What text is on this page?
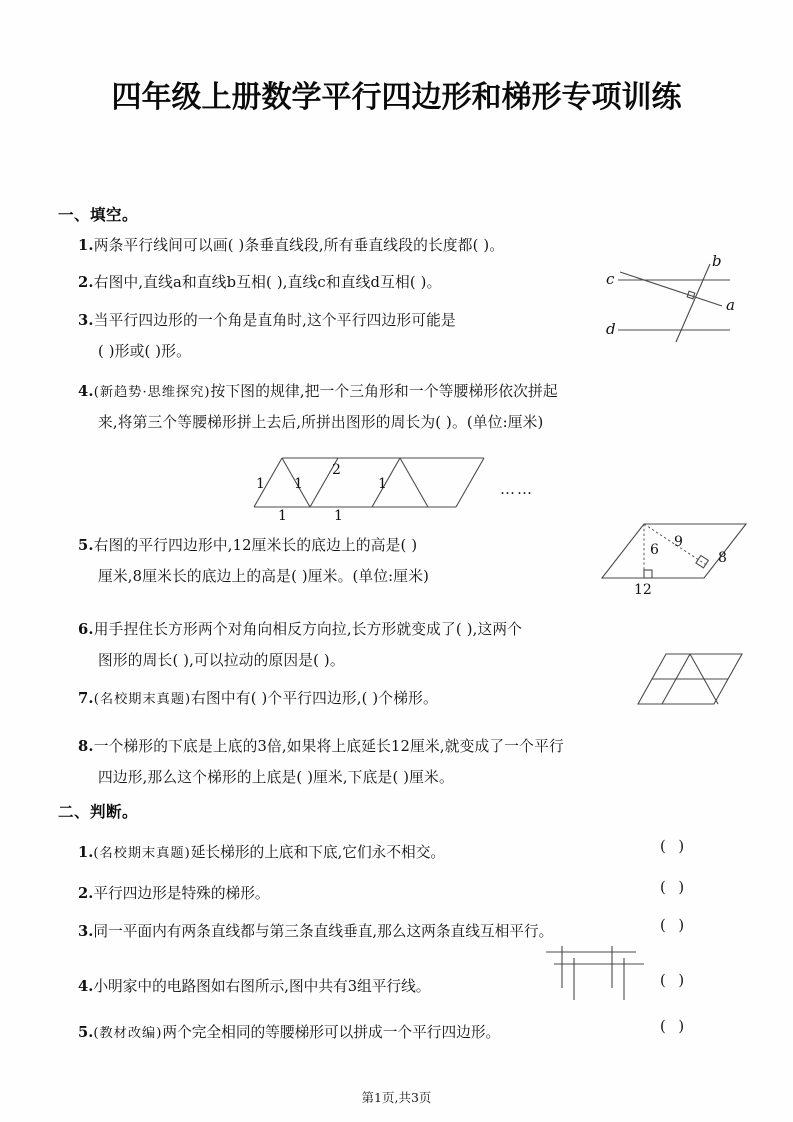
四年级上册数学平行四边形和梯形专项训练
一、填空。
1.两条平行线间可以画( )条垂直线段,所有垂直线段的长度都( )。
2.右图中,直线a和直线b互相( ),直线c和直线d互相( )。	c
d
a
b
3.当平行四边形的一个角是直角时,这个平行四边形可能是
( )形或( )形。
4.(新趋势·思维探究)按下图的规律,把一个三角形和一个等腰梯形依次拼起
来,将第三个等腰梯形拼上去后,所拼出图形的周长为( )。(单位:厘米)
1 1
2
1
1	1
……
5.右图的平行四边形中,12厘米长的底边上的高是( )
厘米,8厘米长的底边上的高是( )厘米。(单位:厘米)
6 9
12
8
6.用手捏住长方形两个对角向相反方向拉,长方形就变成了( ),这两个
图形的周长( ),可以拉动的原因是( )。
7.(名校期末真题)右图中有( )个平行四边形,( )个梯形。
8.一个梯形的下底是上底的3倍,如果将上底延长12厘米,就变成了一个平行
四边形,那么这个梯形的上底是( )厘米,下底是( )厘米。
二、判断。
1.(名校期末真题)延长梯形的上底和下底,它们永不相交。	( )
2.平行四边形是特殊的梯形。	( )
3.同一平面内有两条直线都与第三条直线垂直,那么这两条直线互相平行。	( )
4.小明家中的电路图如右图所示,图中共有3组平行线。	( )
5.(教材改编)两个完全相同的等腰梯形可以拼成一个平行四边形。	( )
第1页,共3页
